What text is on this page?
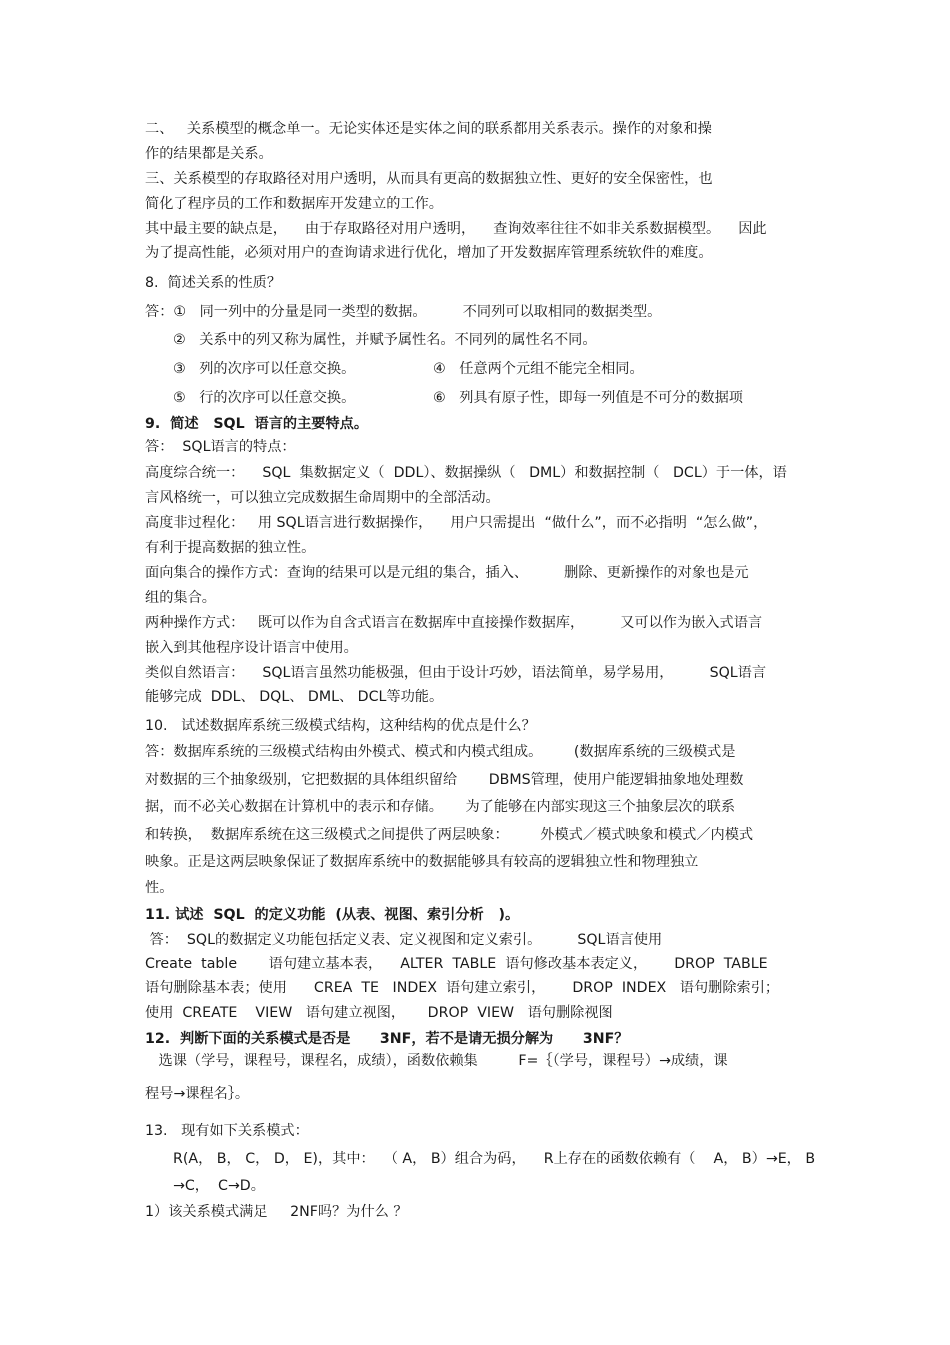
二、   关系模型的概念单一。无论实体还是实体之间的联系都用关系表示。操作的对象和操
作的结果都是关系。
三、关系模型的存取路径对用户透明，从而具有更高的数据独立性、更好的安全保密性，也
简化了程序员的工作和数据库开发建立的工作。
其中最主要的缺点是，    由于存取路径对用户透明，    查询效率往往不如非关系数据模型。    因此
为了提高性能，必须对用户的查询请求进行优化，增加了开发数据库管理系统软件的难度。
8.  简述关系的性质？
答：①   同一列中的分量是同一类型的数据。        不同列可以取相同的数据类型。
②   关系中的列又称为属性，并赋予属性名。不同列的属性名不同。
③   列的次序可以任意交换。	④   任意两个元组不能完全相同。
⑤   行的次序可以任意交换。	⑥   列具有原子性，即每一列值是不可分的数据项
9.  简述   SQL  语言的主要特点。
答：  SQL语言的特点：
高度综合统一：    SQL  集数据定义（  DDL）、数据操纵（   DML）和数据控制（   DCL）于一体，语
言风格统一，可以独立完成数据生命周期中的全部活动。
高度非过程化：   用 SQL语言进行数据操作，    用户只需提出  “做什么”，而不必指明  “怎么做”，
有利于提高数据的独立性。
面向集合的操作方式：查询的结果可以是元组的集合，插入、        删除、更新操作的对象也是元
组的集合。
两种操作方式：   既可以作为自含式语言在数据库中直接操作数据库，        又可以作为嵌入式语言
嵌入到其他程序设计语言中使用。
类似自然语言：    SQL语言虽然功能极强，但由于设计巧妙，语法简单，易学易用，        SQL语言
能够完成  DDL、 DQL、 DML、 DCL等功能。
10.   试述数据库系统三级模式结构，这种结构的优点是什么？
答：数据库系统的三级模式结构由外模式、模式和内模式组成。       (数据库系统的三级模式是
对数据的三个抽象级别，它把数据的具体组织留给       DBMS管理，使用户能逻辑抽象地处理数
据，而不必关心数据在计算机中的表示和存储。     为了能够在内部实现这三个抽象层次的联系
和转换，  数据库系统在这三级模式之间提供了两层映象：       外模式／模式映象和模式／内模式
映象。正是这两层映象保证了数据库系统中的数据能够具有较高的逻辑独立性和物理独立
性。
11. 试述  SQL  的定义功能  (从表、视图、索引分析   )。
答：  SQL的数据定义功能包括定义表、定义视图和定义索引。        SQL语言使用
Create  table       语句建立基本表，    ALTER  TABLE  语句修改基本表定义，      DROP  TABLE
语句删除基本表；使用      CREA  TE   INDEX  语句建立索引，      DROP  INDEX   语句删除索引；
使用  CREATE    VIEW   语句建立视图，     DROP  VIEW   语句删除视图
12.  判断下面的关系模式是否是      3NF，若不是请无损分解为      3NF？
选课（学号，课程号，课程名，成绩），函数依赖集         F=｛（学号，课程号）→成绩，课
程号→课程名｝。
13.   现有如下关系模式：
R(A， B， C， D， E)，其中：  （ A， B）组合为码，    R上存在的函数依赖有（    A， B）→E， B
→C，  C→D。
1）该关系模式满足     2NF吗？为什么 ？
